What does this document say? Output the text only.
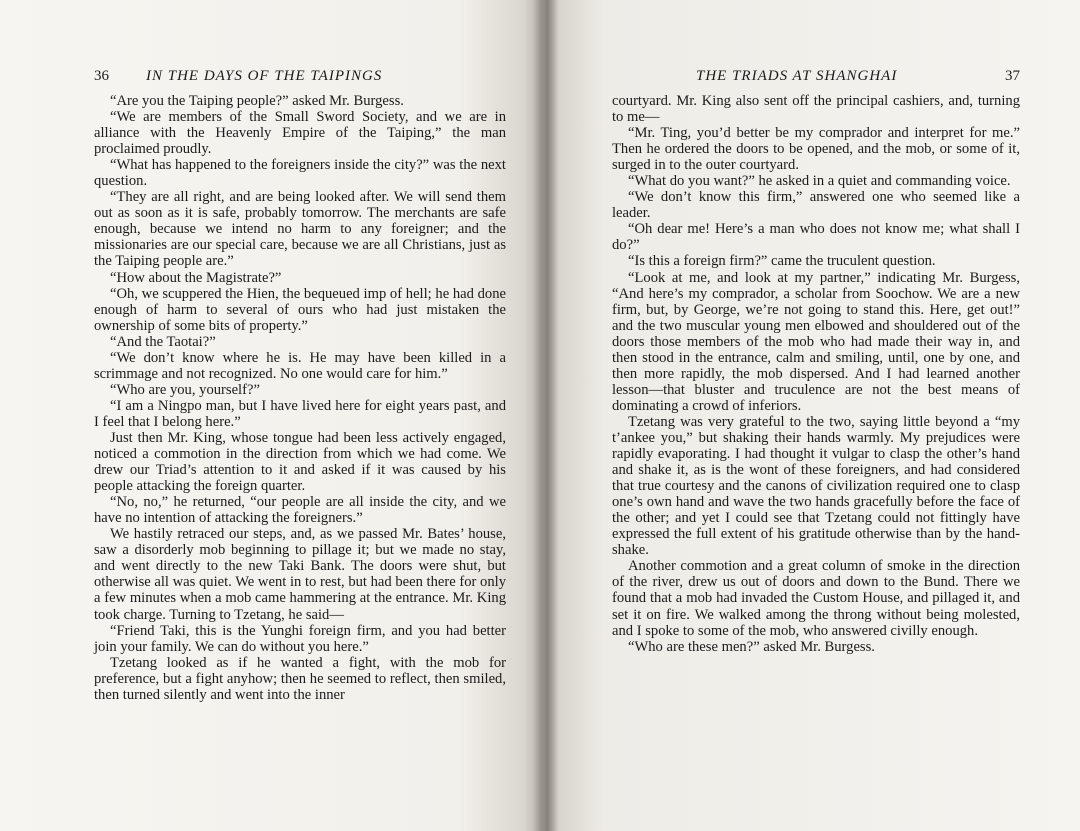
36 IN THE DAYS OF THE TAIPINGS

“Are you the Taiping people?” asked Mr. Burgess.

“We are members of the Small Sword Society, and we are in alliance with the Heavenly Empire of the Taiping,” the man proclaimed proudly.

“What has happened to the foreigners inside the city?” was the next question.

“They are all right, and are being looked after. We will send them out as soon as it is safe, probably tomorrow. The merchants are safe enough, because we intend no harm to any foreigner; and the missionaries are our special care, because we are all Christians, just as the Taiping people are.”

“How about the Magistrate?”

“Oh, we scuppered the Hien, the bequeued imp of hell; he had done enough of harm to several of ours who had just mistaken the ownership of some bits of property.”

“And the Taotai?”

“We don’t know where he is. He may have been killed in a scrimmage and not recognized. No one would care for him.”

“Who are you, yourself?”

“I am a Ningpo man, but I have lived here for eight years past, and I feel that I belong here.”

Just then Mr. King, whose tongue had been less actively engaged, noticed a commotion in the direction from which we had come. We drew our Triad’s attention to it and asked if it was caused by his people attacking the foreign quarter.

“No, no,” he returned, “our people are all inside the city, and we have no intention of attacking the foreigners.”

We hastily retraced our steps, and, as we passed Mr. Bates’ house, saw a disorderly mob beginning to pillage it; but we made no stay, and went directly to the new Taki Bank. The doors were shut, but otherwise all was quiet. We went in to rest, but had been there for only a few minutes when a mob came hammering at the entrance. Mr. King took charge. Turning to Tzetang, he said—

“Friend Taki, this is the Yunghi foreign firm, and you had better join your family. We can do without you here.”

Tzetang looked as if he wanted a fight, with the mob for preference, but a fight anyhow; then he seemed to reflect, then smiled, then turned silently and went into the inner

THE TRIADS AT SHANGHAI	37

courtyard. Mr. King also sent off the principal cashiers, and, turning to me—

“Mr. Ting, you’d better be my comprador and interpret for me.” Then he ordered the doors to be opened, and the mob, or some of it, surged in to the outer courtyard.

“What do you want?” he asked in a quiet and commanding voice.

“We don’t know this firm,” answered one who seemed like a leader.

“Oh dear me! Here’s a man who does not know me; what shall I do?”

“Is this a foreign firm?” came the truculent question.

“Look at me, and look at my partner,” indicating Mr. Burgess, “And here’s my comprador, a scholar from Soochow. We are a new firm, but, by George, we’re not going to stand this. Here, get out!” and the two muscular young men elbowed and shouldered out of the doors those members of the mob who had made their way in, and then stood in the entrance, calm and smiling, until, one by one, and then more rapidly, the mob dispersed. And I had learned another lesson—that bluster and truculence are not the best means of dominating a crowd of inferiors.

Tzetang was very grateful to the two, saying little beyond a “my t’ankee you,” but shaking their hands warmly. My prejudices were rapidly evaporating. I had thought it vulgar to clasp the other’s hand and shake it, as is the wont of these foreigners, and had considered that true courtesy and the canons of civilization required one to clasp one’s own hand and wave the two hands gracefully before the face of the other; and yet I could see that Tzetang could not fittingly have expressed the full extent of his gratitude otherwise than by the hand-shake.

Another commotion and a great column of smoke in the direction of the river, drew us out of doors and down to the Bund. There we found that a mob had invaded the Custom House, and pillaged it, and set it on fire. We walked among the throng without being molested, and I spoke to some of the mob, who answered civilly enough.

“Who are these men?” asked Mr. Burgess.
